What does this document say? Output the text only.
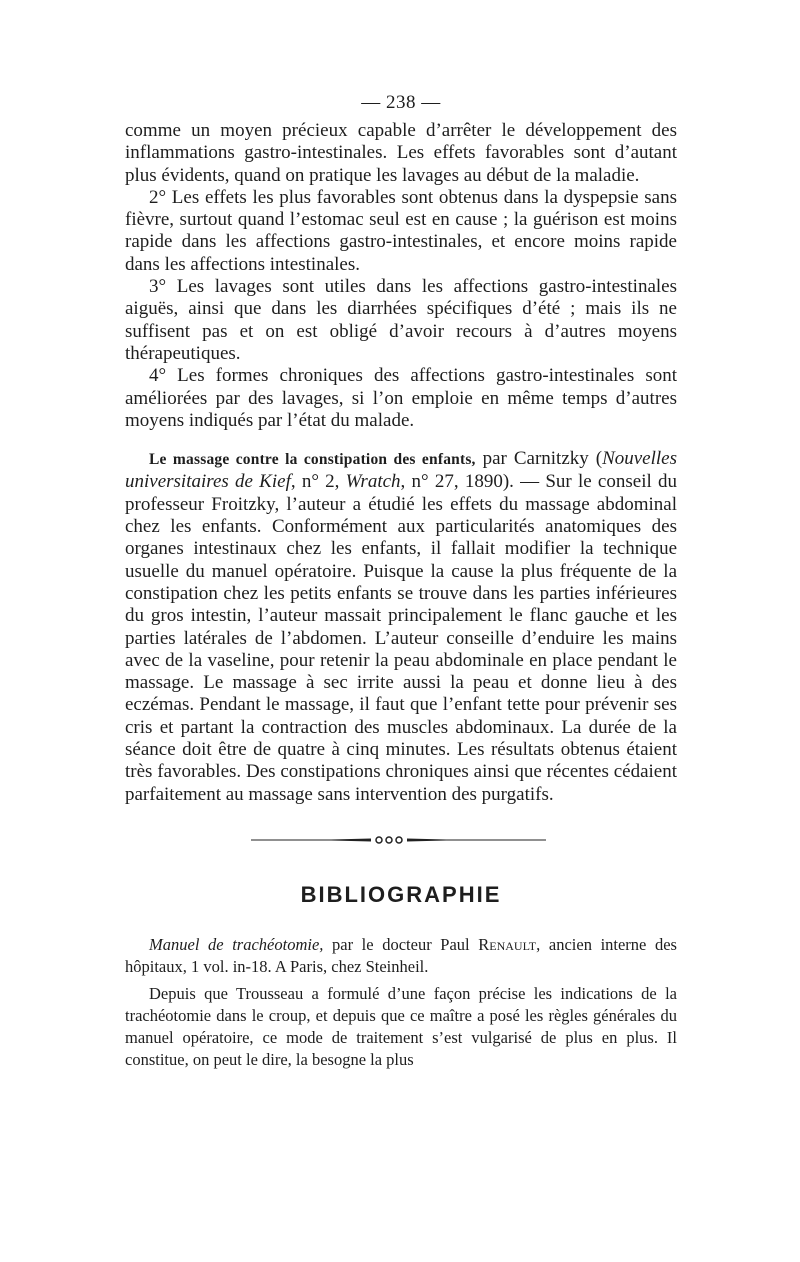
— 238 —

comme un moyen précieux capable d’arrêter le développement des inflammations gastro-intestinales. Les effets favorables sont d’autant plus évidents, quand on pratique les lavages au début de la maladie.

2° Les effets les plus favorables sont obtenus dans la dyspepsie sans fièvre, surtout quand l’estomac seul est en cause ; la guérison est moins rapide dans les affections gastro-intestinales, et encore moins rapide dans les affections intestinales.

3° Les lavages sont utiles dans les affections gastro-intestinales aiguës, ainsi que dans les diarrhées spécifiques d’été ; mais ils ne suffisent pas et on est obligé d’avoir recours à d’autres moyens thérapeutiques.

4° Les formes chroniques des affections gastro-intestinales sont améliorées par des lavages, si l’on emploie en même temps d’autres moyens indiqués par l’état du malade.

Le massage contre la constipation des enfants, par Carnitzky (Nouvelles universitaires de Kief, n° 2, Wratch, n° 27, 1890). — Sur le conseil du professeur Froitzky, l’auteur a étudié les effets du massage abdominal chez les enfants. Conformément aux particularités anatomiques des organes intestinaux chez les enfants, il fallait modifier la technique usuelle du manuel opératoire. Puisque la cause la plus fréquente de la constipation chez les petits enfants se trouve dans les parties inférieures du gros intestin, l’auteur massait principalement le flanc gauche et les parties latérales de l’abdomen. L’auteur conseille d’enduire les mains avec de la vaseline, pour retenir la peau abdominale en place pendant le massage. Le massage à sec irrite aussi la peau et donne lieu à des eczémas. Pendant le massage, il faut que l’enfant tette pour prévenir ses cris et partant la contraction des muscles abdominaux. La durée de la séance doit être de quatre à cinq minutes. Les résultats obtenus étaient très favorables. Des constipations chroniques ainsi que récentes cédaient parfaitement au massage sans intervention des purgatifs.

BIBLIOGRAPHIE

Manuel de trachéotomie, par le docteur Paul Renault, ancien interne des hôpitaux, 1 vol. in-18. A Paris, chez Steinheil.

Depuis que Trousseau a formulé d’une façon précise les indications de la trachéotomie dans le croup, et depuis que ce maître a posé les règles générales du manuel opératoire, ce mode de traitement s’est vulgarisé de plus en plus. Il constitue, on peut le dire, la besogne la plus
